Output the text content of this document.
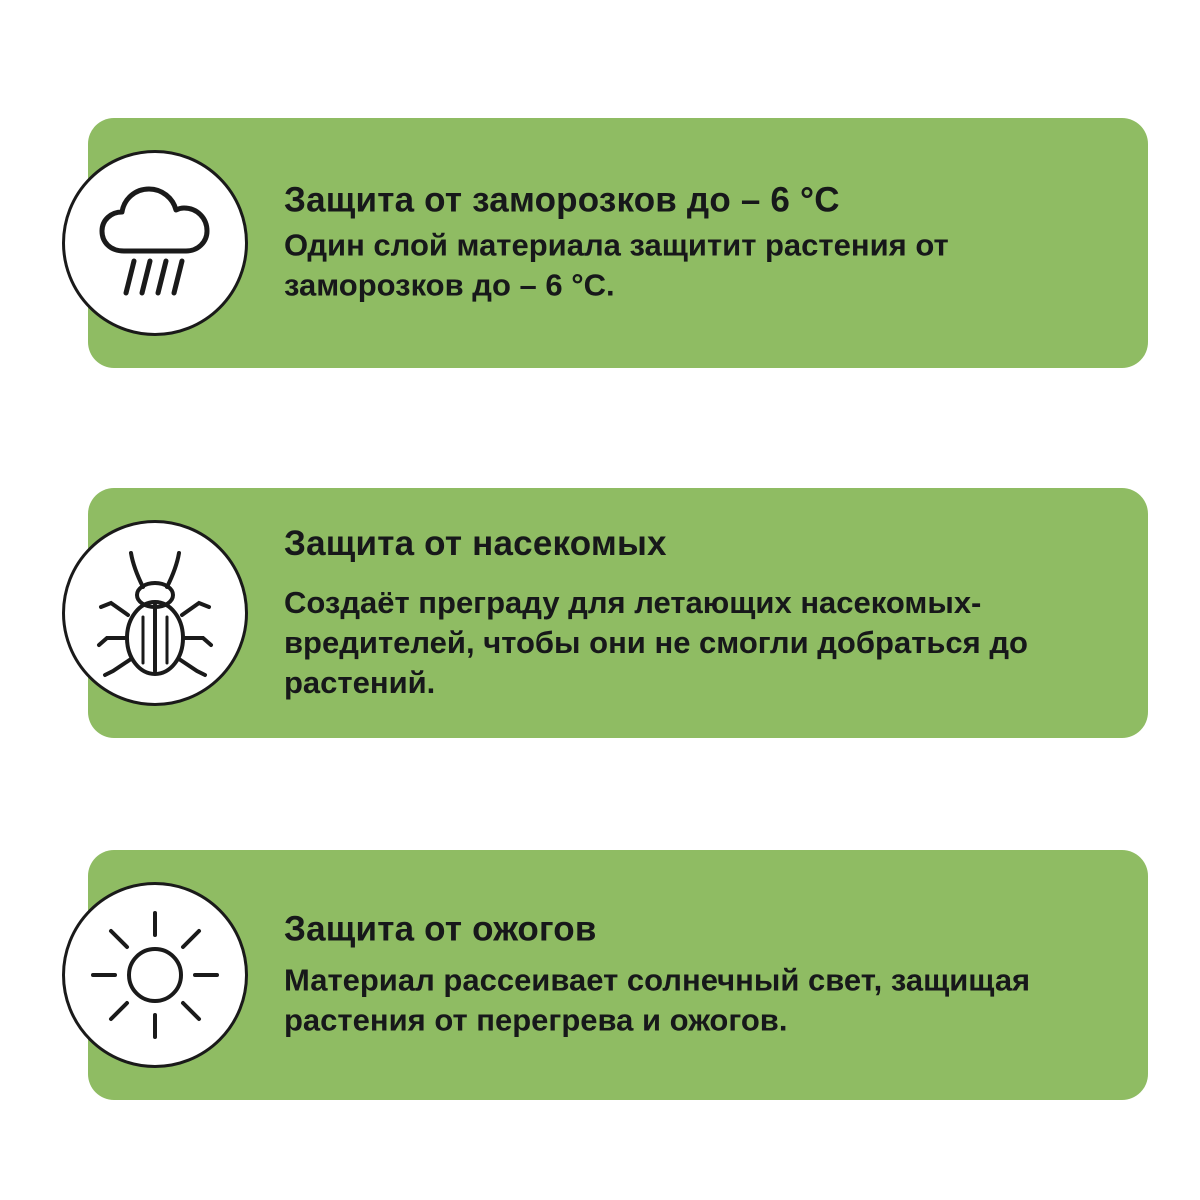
Защита от заморозков до – 6 °C

Один слой материала защитит растения от заморозков до – 6 °C.

Защита от насекомых

Создаёт преграду для летающих насекомых-вредителей, чтобы они не смогли добраться до растений.

Защита от ожогов

Материал рассеивает солнечный свет, защищая растения от перегрева и ожогов.
